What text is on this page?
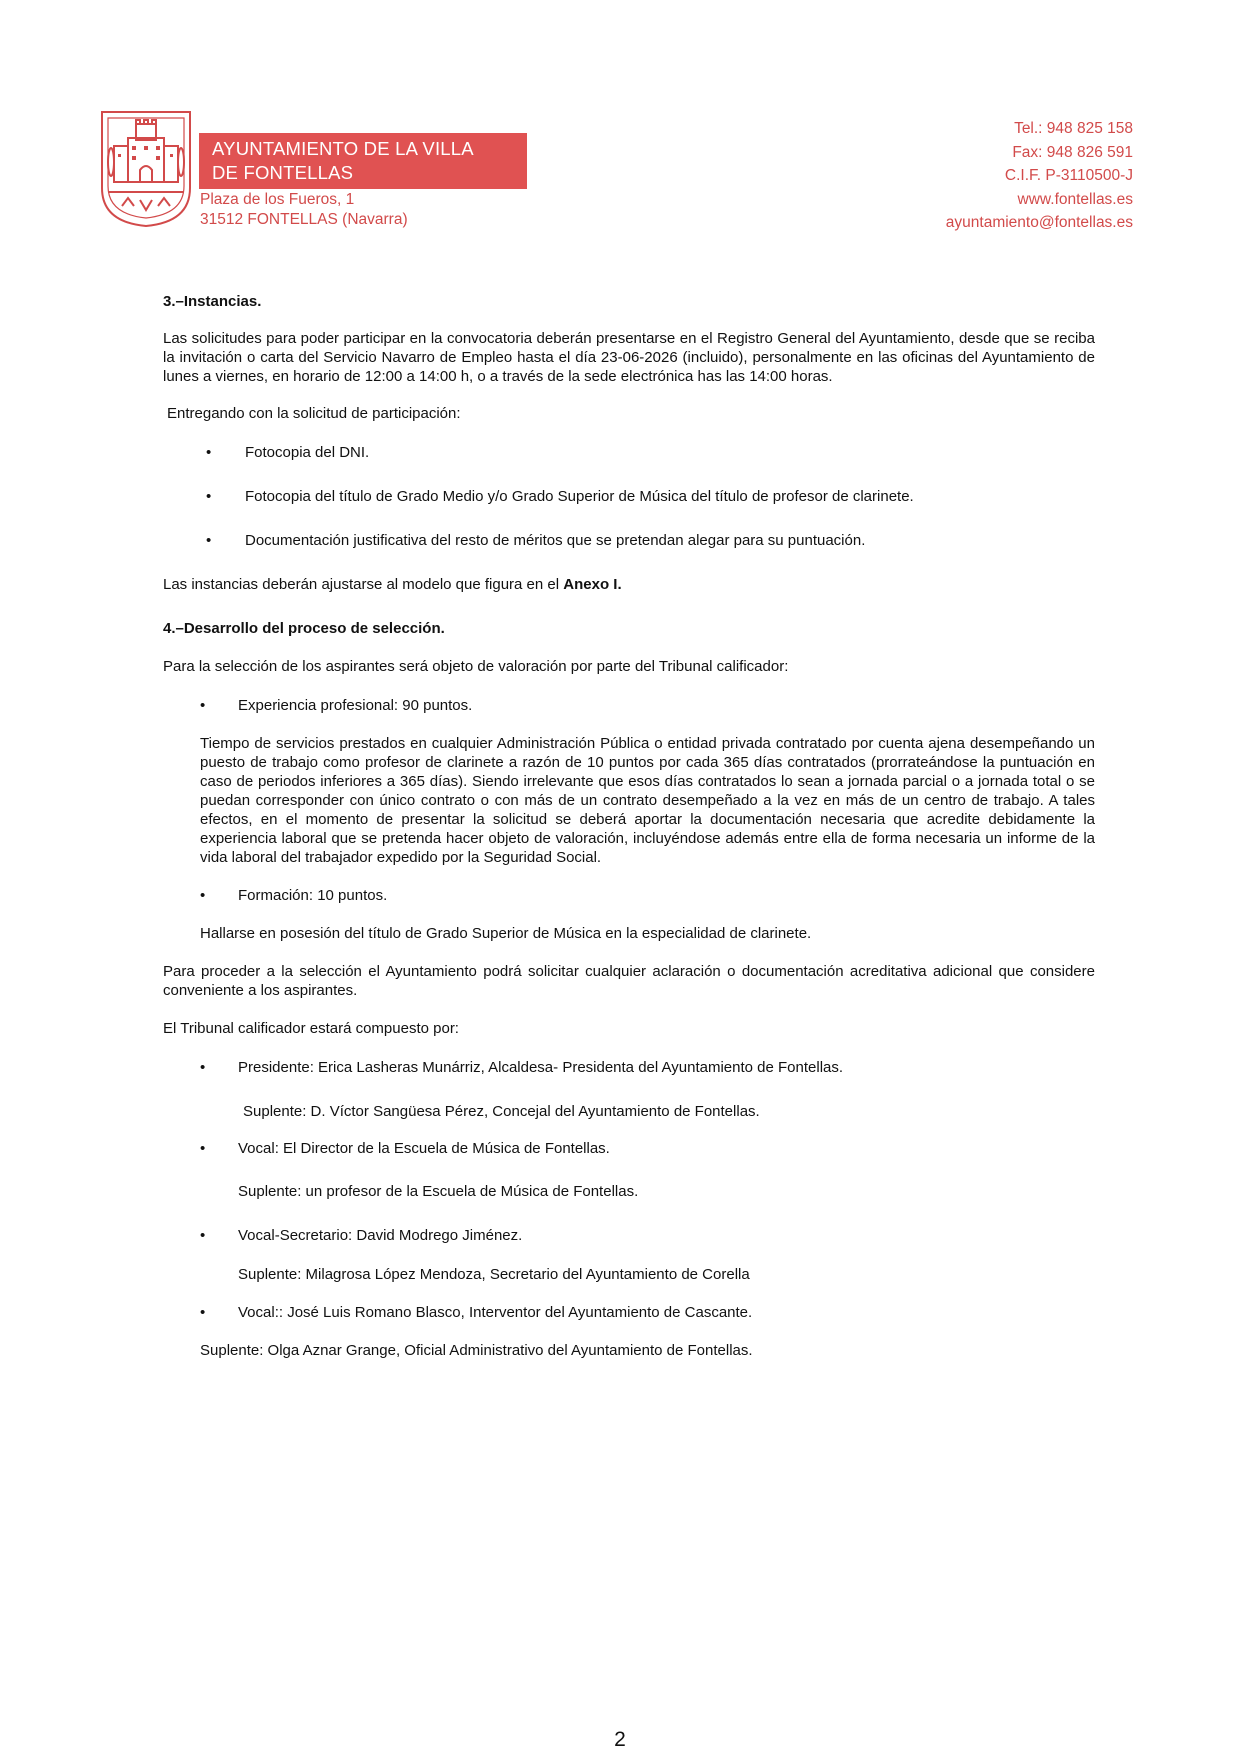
AYUNTAMIENTO DE LA VILLA
DE FONTELLAS
Plaza de los Fueros, 1
31512 FONTELLAS (Navarra)
Tel.: 948 825 158
Fax: 948 826 591
C.I.F. P-3110500-J
www.fontellas.es
ayuntamiento@fontellas.es

3.–Instancias.

Las solicitudes para poder participar en la convocatoria deberán presentarse en el Registro General del Ayuntamiento, desde que se reciba la invitación o carta del Servicio Navarro de Empleo hasta el día 23-06-2026 (incluido), personalmente en las oficinas del Ayuntamiento de lunes a viernes, en horario de 12:00 a 14:00 h, o a través de la sede electrónica has las 14:00 horas.

Entregando con la solicitud de participación:

• Fotocopia del DNI.
• Fotocopia del título de Grado Medio y/o Grado Superior de Música del título de profesor de clarinete.
• Documentación justificativa del resto de méritos que se pretendan alegar para su puntuación.

Las instancias deberán ajustarse al modelo que figura en el Anexo I.

4.–Desarrollo del proceso de selección.

Para la selección de los aspirantes será objeto de valoración por parte del Tribunal calificador:

• Experiencia profesional: 90 puntos.

Tiempo de servicios prestados en cualquier Administración Pública o entidad privada contratado por cuenta ajena desempeñando un puesto de trabajo como profesor de clarinete a razón de 10 puntos por cada 365 días contratados (prorrateándose la puntuación en caso de periodos inferiores a 365 días). Siendo irrelevante que esos días contratados lo sean a jornada parcial o a jornada total o se puedan corresponder con único contrato o con más de un contrato desempeñado a la vez en más de un centro de trabajo. A tales efectos, en el momento de presentar la solicitud se deberá aportar la documentación necesaria que acredite debidamente la experiencia laboral que se pretenda hacer objeto de valoración, incluyéndose además entre ella de forma necesaria un informe de la vida laboral del trabajador expedido por la Seguridad Social.

• Formación: 10 puntos.

Hallarse en posesión del título de Grado Superior de Música en la especialidad de clarinete.

Para proceder a la selección el Ayuntamiento podrá solicitar cualquier aclaración o documentación acreditativa adicional que considere conveniente a los aspirantes.

El Tribunal calificador estará compuesto por:

• Presidente: Erica Lasheras Munárriz, Alcaldesa- Presidenta del Ayuntamiento de Fontellas.

Suplente: D. Víctor Sangüesa Pérez, Concejal del Ayuntamiento de Fontellas.

• Vocal: El Director de la Escuela de Música de Fontellas.

Suplente: un profesor de la Escuela de Música de Fontellas.

• Vocal-Secretario: David Modrego Jiménez.

Suplente: Milagrosa López Mendoza, Secretario del Ayuntamiento de Corella

• Vocal:: José Luis Romano Blasco, Interventor del Ayuntamiento de Cascante.

Suplente: Olga Aznar Grange, Oficial Administrativo del Ayuntamiento de Fontellas.

2
